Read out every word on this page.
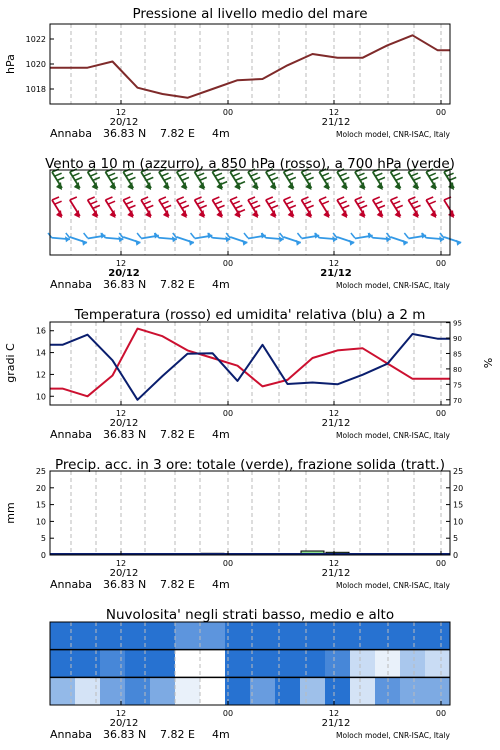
Pressione al livello medio del mare
12	00	12	00
20/12	21/12
Annaba 36.83 N 7.82 E 4m	Moloch model, CNR-ISAC, Italy
1018
1020
1022
hPa
Vento a 10 m (azzurro), a 850 hPa (rosso), a 700 hPa (verde)
12	00	12	00
20/12	21/12
Annaba 36.83 N 7.82 E 4m	Moloch model, CNR-ISAC, Italy
Temperatura (rosso) ed umidita' relativa (blu) a 2 m
12	00	12	00
20/12	21/12
Annaba 36.83 N 7.82 E 4m	Moloch model, CNR-ISAC, Italy
10
12
14
16
70
75
80
85
90
95
gradi C	%
Precip. acc. in 3 ore: totale (verde), frazione solida (tratt.)
12	00	12	00
20/12	21/12
Annaba 36.83 N 7.82 E 4m	Moloch model, CNR-ISAC, Italy
0
5
10
15
20
25
0
5
10
15
20
25
mm
Nuvolosita' negli strati basso, medio e alto
12	00	12	00
20/12	21/12
Annaba 36.83 N 7.82 E 4m	Moloch model, CNR-ISAC, Italy
